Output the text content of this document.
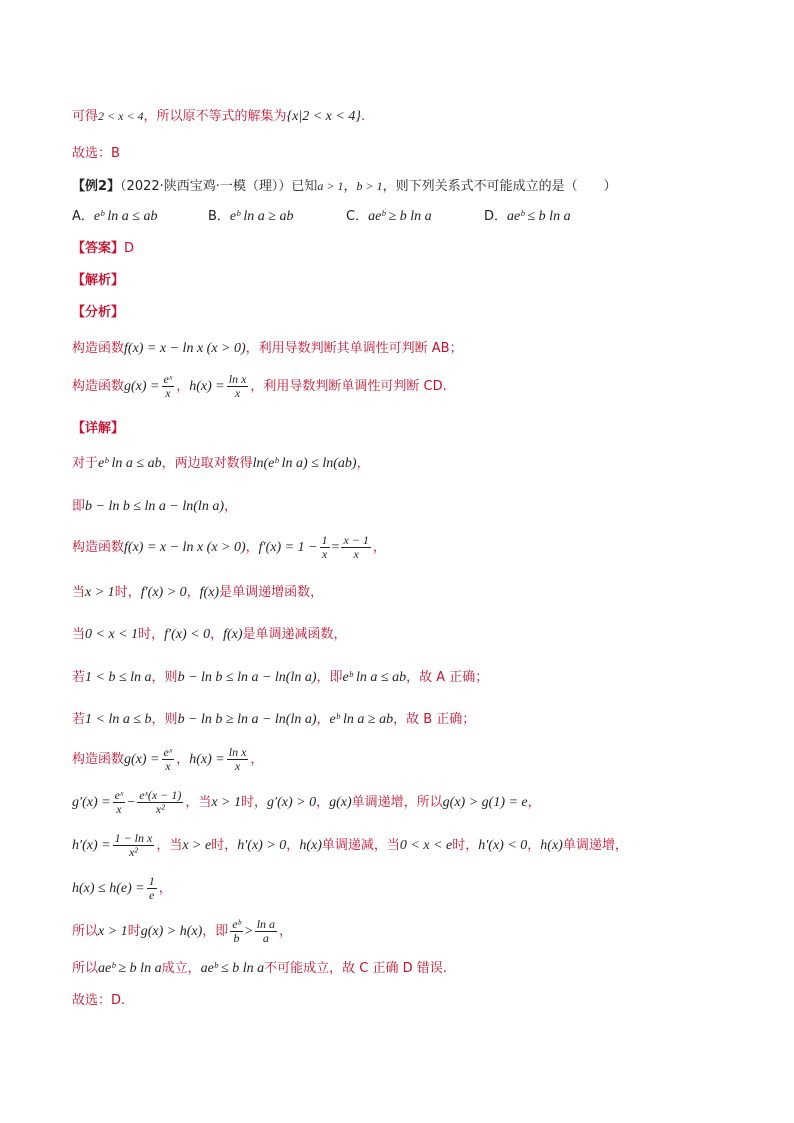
可得2 < x < 4，所以原不等式的解集为{x|2 < x < 4}.
故选：B
【例2】（2022·陕西宝鸡·一模（理））已知a > 1，b > 1，则下列关系式不可能成立的是（　　）
A．eᵇ ln a ≤ ab	B．eᵇ ln a ≥ ab	C．aeᵇ ≥ b ln a	D．aeᵇ ≤ b ln a
【答案】D
【解析】
【分析】
构造函数f(x) = x − ln x (x > 0)，利用导数判断其单调性可判断 AB；
构造函数$g(x) = \frac{\text{eˣ}}{x}$ ，$h(x) = \frac{\text{ln x}}{x}$ ，利用导数判断单调性可判断 CD.
【详解】
对于eᵇ ln a ≤ ab，两边取对数得ln(eᵇ ln a) ≤ ln(ab)，
即b − ln b ≤ ln a − ln(ln a)，
构造函数f(x) = x − ln x (x > 0)，$f'(x) = 1 - \frac{1}{x} = \frac{x - 1}{x}$ ，
当x > 1时，f′(x) > 0，f(x)是单调递增函数，
当0 < x < 1时，f′(x) < 0，f(x)是单调递减函数，
若1 < b ≤ ln a，则b − ln b ≤ ln a − ln(ln a)，即eᵇ ln a ≤ ab，故 A 正确；
若1 < ln a ≤ b，则b − ln b ≥ ln a − ln(ln a)，eᵇ ln a ≥ ab，故 B 正确；
构造函数$g(x) = \frac{\text{eˣ}}{x}$ ，$h(x) = \frac{\text{ln x}}{x}$ ，
$g'(x) = \frac{\text{eˣ}}{x} - \frac{\text{eˣ(x − 1)}}{\text{x²}}$ ，当x > 1时，g′(x) > 0，g(x)单调递增，所以g(x) > g(1) = e，
$h'(x) = \frac{\text{1 − ln x}}{\text{x²}}$ ，当x > e时，h′(x) > 0，h(x)单调递减，当0 < x < e时，h′(x) < 0，h(x)单调递增，
$h(x) \le h(e) = \frac{1}{e}$ ，
所以x > 1时g(x) > h(x)，即 $\frac{\text{eᵇ}}{b} > \frac{\text{ln a}}{a}$ ，
所以aeᵇ ≥ b ln a成立，aeᵇ ≤ b ln a不可能成立，故 C 正确 D 错误.
故选：D.
